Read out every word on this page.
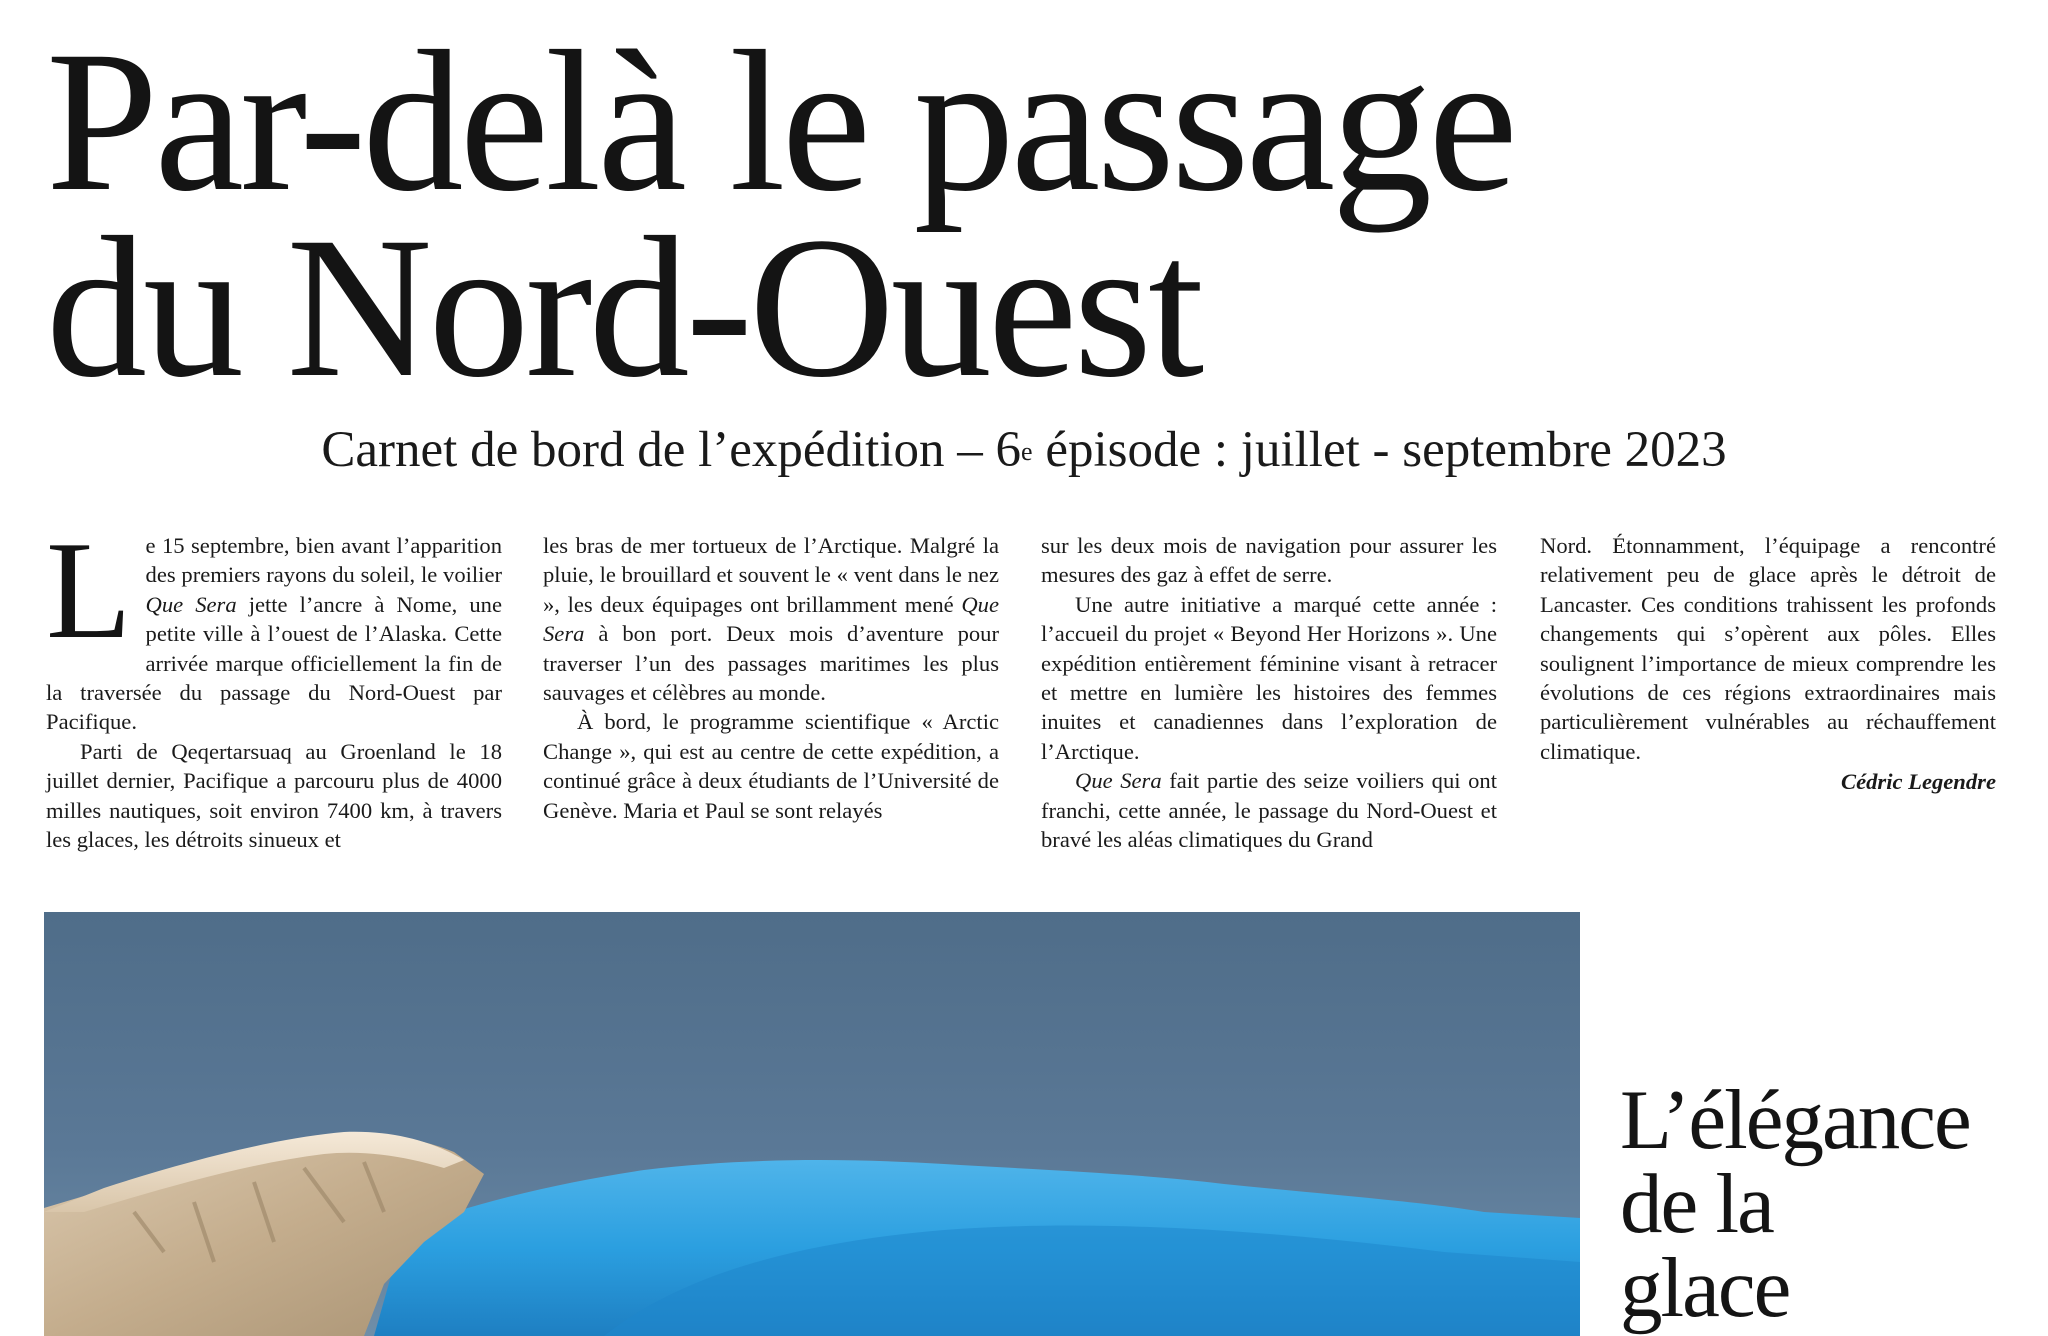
Par-delà le passage
du Nord-Ouest
Carnet de bord de l’expédition – 6e épisode : juillet - septembre 2023

Le 15 septembre, bien avant l’apparition des premiers rayons du soleil, le voilier Que Sera jette l’ancre à Nome, une petite ville à l’ouest de l’Alaska. Cette arrivée marque officiellement la fin de la traversée du passage du Nord-Ouest par Pacifique.

Parti de Qeqertarsuaq au Groenland le 18 juillet dernier, Pacifique a parcouru plus de 4000 milles nautiques, soit environ 7400 km, à travers les glaces, les détroits sinueux et

les bras de mer tortueux de l’Arctique. Malgré la pluie, le brouillard et souvent le « vent dans le nez », les deux équipages ont brillamment mené Que Sera à bon port. Deux mois d’aventure pour traverser l’un des passages maritimes les plus sauvages et célèbres au monde.

À bord, le programme scientifique « Arctic Change », qui est au centre de cette expédition, a continué grâce à deux étudiants de l’Université de Genève. Maria et Paul se sont relayés

sur les deux mois de navigation pour assurer les mesures des gaz à effet de serre.

Une autre initiative a marqué cette année : l’accueil du projet « Beyond Her Horizons ». Une expédition entièrement féminine visant à retracer et mettre en lumière les histoires des femmes inuites et canadiennes dans l’exploration de l’Arctique.

Que Sera fait partie des seize voiliers qui ont franchi, cette année, le passage du Nord-Ouest et bravé les aléas climatiques du Grand

Nord. Étonnamment, l’équipage a rencontré relativement peu de glace après le détroit de Lancaster. Ces conditions trahissent les profonds changements qui s’opèrent aux pôles. Elles soulignent l’importance de mieux comprendre les évolutions de ces régions extraordinaires mais particulièrement vulnérables au réchauffement climatique.

Cédric Legendre

L’élégance
de la
glace
